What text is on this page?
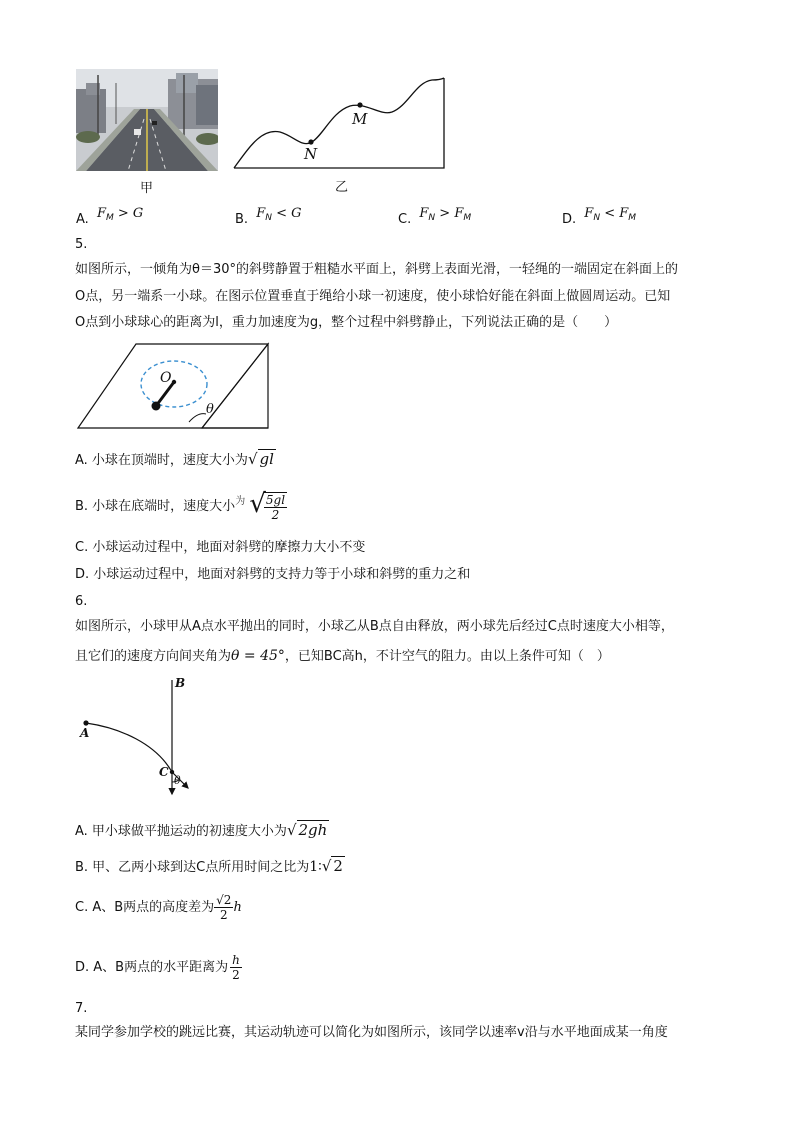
甲
M
N
乙
A. $F_M > G$	B. $F_N < G$	C. $F_N > F_M$	D. $F_N < F_M$
5.
如图所示，一倾角为θ＝30°的斜劈静置于粗糙水平面上，斜劈上表面光滑，一轻绳的一端固定在斜面上的
O点，另一端系一小球。在图示位置垂直于绳给小球一初速度，使小球恰好能在斜面上做圆周运动。已知
O点到小球球心的距离为l，重力加速度为g，整个过程中斜劈静止，下列说法正确的是（　　）
O
θ
A. 小球在顶端时，速度大小为√ gl
B. 小球在底端时，速度大小$^为$ √
$\frac{5gl}{2}$
C. 小球运动过程中，地面对斜劈的摩擦力大小不变
D. 小球运动过程中，地面对斜劈的支持力等于小球和斜劈的重力之和
6.
如图所示，小球甲从A点水平抛出的同时，小球乙从B点自由释放，两小球先后经过C点时速度大小相等，
且它们的速度方向间夹角为θ = 45°，已知BC高h，不计空气的阻力。由以上条件可知（　）
B
A
C
θ
A. 甲小球做平抛运动的初速度大小为√ 2gh
B. 甲、乙两小球到达C点所用时间之比为1∶√ 2
C. A、B两点的高度差为 $\frac{√2}{2}$ h
D. A、B两点的水平距离为 $\frac{h}{2}$
7.
某同学参加学校的跳远比赛，其运动轨迹可以简化为如图所示，该同学以速率v沿与水平地面成某一角度
